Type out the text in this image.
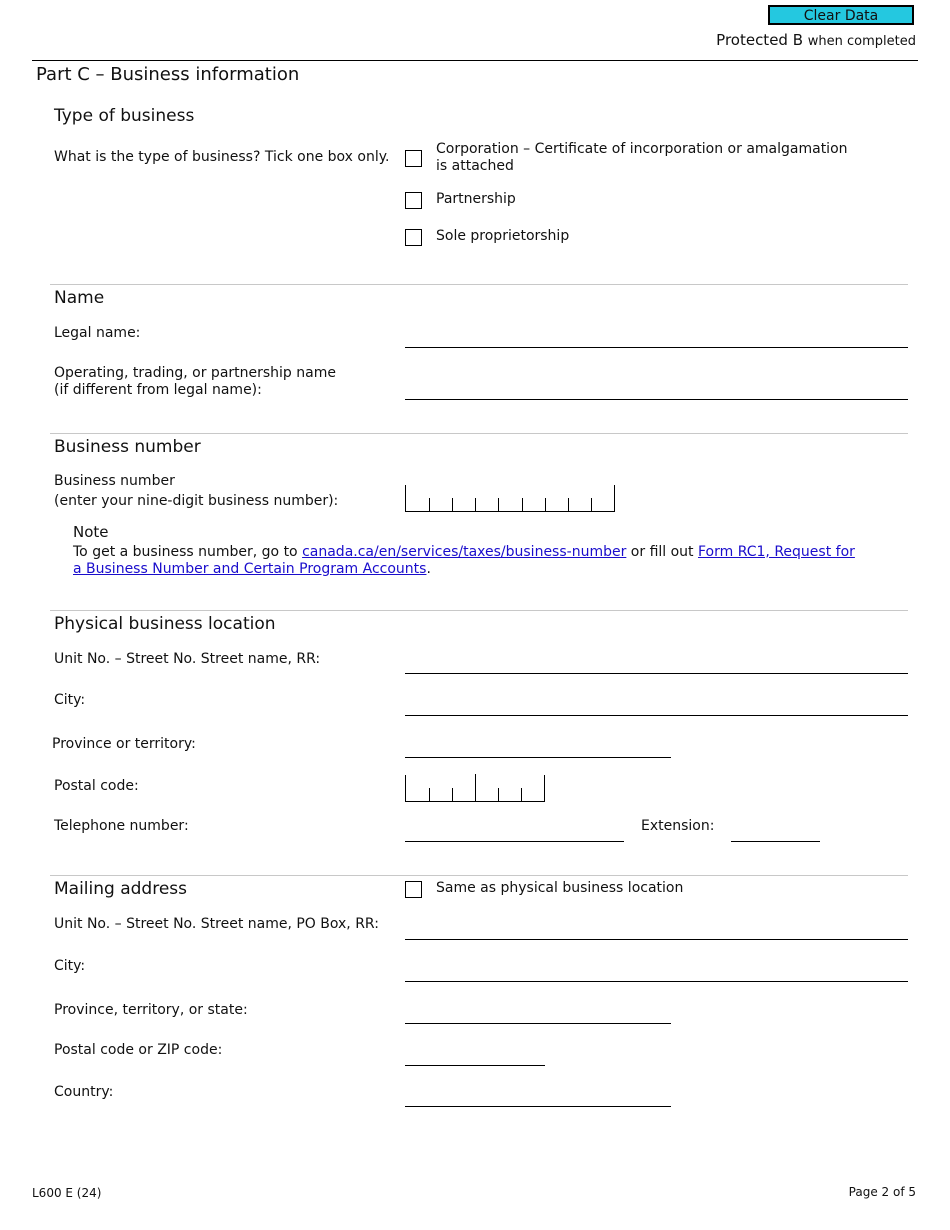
Clear Data
Protected B when completed
Part C – Business information
Type of business
What is the type of business? Tick one box only.	Corporation – Certificate of incorporation or amalgamation
is attached
Partnership
Sole proprietorship
Name
Legal name:
Operating, trading, or partnership name
(if different from legal name):
Business number
Business number
(enter your nine-digit business number):
Note
To get a business number, go to canada.ca/en/services/taxes/business-number or fill out Form RC1, Request for
a Business Number and Certain Program Accounts.
Physical business location
Unit No. – Street No. Street name, RR:
City:
Province or territory:
Postal code:
Telephone number:	Extension:
Mailing address	Same as physical business location
Unit No. – Street No. Street name, PO Box, RR:
City:
Province, territory, or state:
Postal code or ZIP code:
Country:
L600 E (24)	Page 2 of 5
